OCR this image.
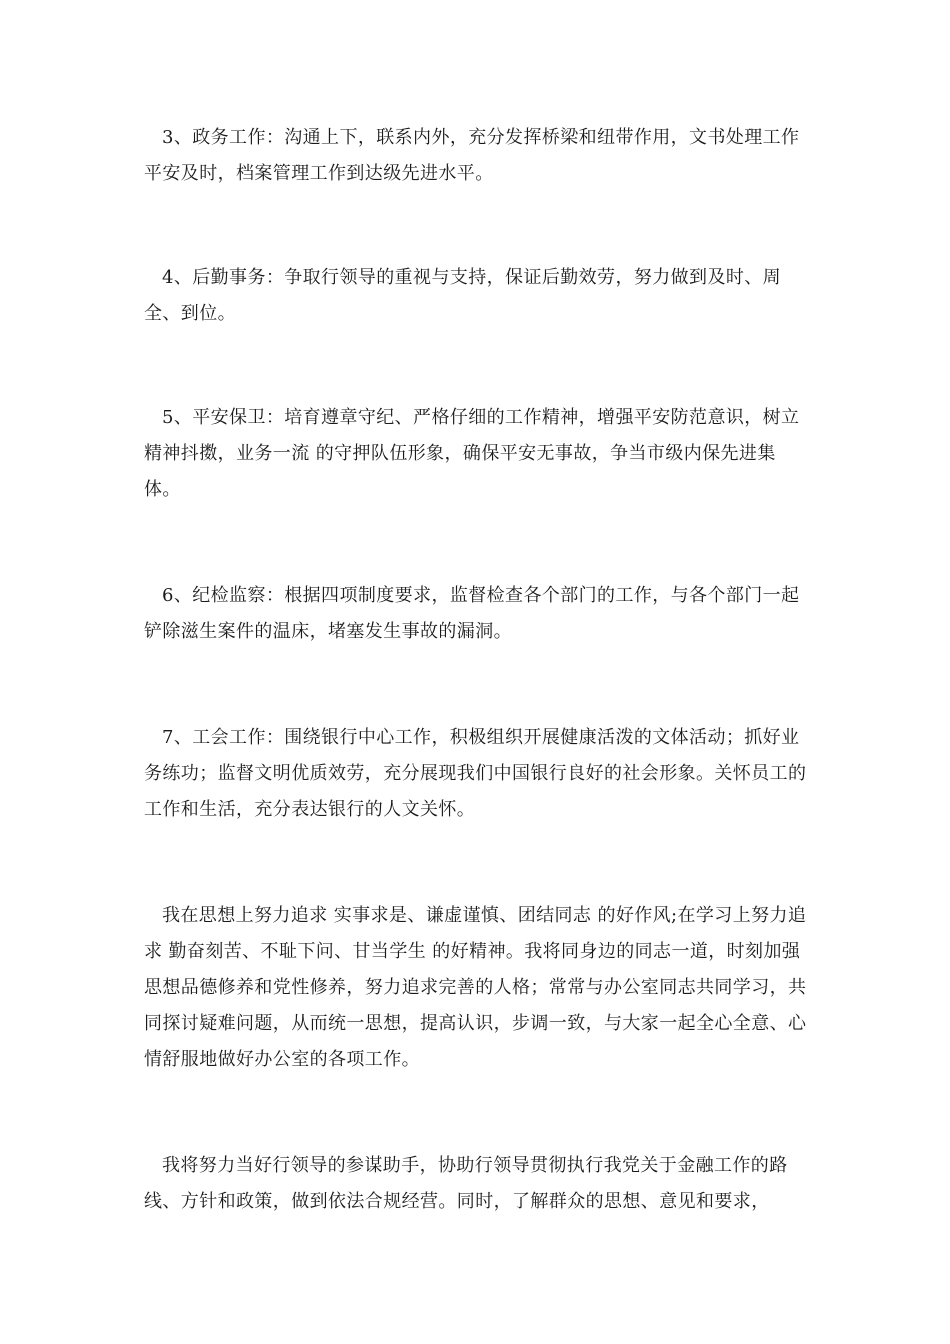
3、政务工作：沟通上下，联系内外，充分发挥桥梁和纽带作用，文书处理工作平安及时，档案管理工作到达级先进水平。

4、后勤事务：争取行领导的重视与支持，保证后勤效劳，努力做到及时、周全、到位。

5、平安保卫：培育遵章守纪、严格仔细的工作精神，增强平安防范意识，树立 精神抖擞，业务一流 的守押队伍形象，确保平安无事故，争当市级内保先进集体。

6、纪检监察：根据四项制度要求，监督检查各个部门的工作，与各个部门一起铲除滋生案件的温床，堵塞发生事故的漏洞。

7、工会工作：围绕银行中心工作，积极组织开展健康活泼的文体活动；抓好业务练功；监督文明优质效劳，充分展现我们中国银行良好的社会形象。关怀员工的工作和生活，充分表达银行的人文关怀。

我在思想上努力追求 实事求是、谦虚谨慎、团结同志 的好作风;在学习上努力追求 勤奋刻苦、不耻下问、甘当学生 的好精神。我将同身边的同志一道，时刻加强思想品德修养和党性修养，努力追求完善的人格；常常与办公室同志共同学习，共同探讨疑难问题，从而统一思想，提高认识，步调一致，与大家一起全心全意、心情舒服地做好办公室的各项工作。

我将努力当好行领导的参谋助手，协助行领导贯彻执行我党关于金融工作的路线、方针和政策，做到依法合规经营。同时，了解群众的思想、意见和要求，
